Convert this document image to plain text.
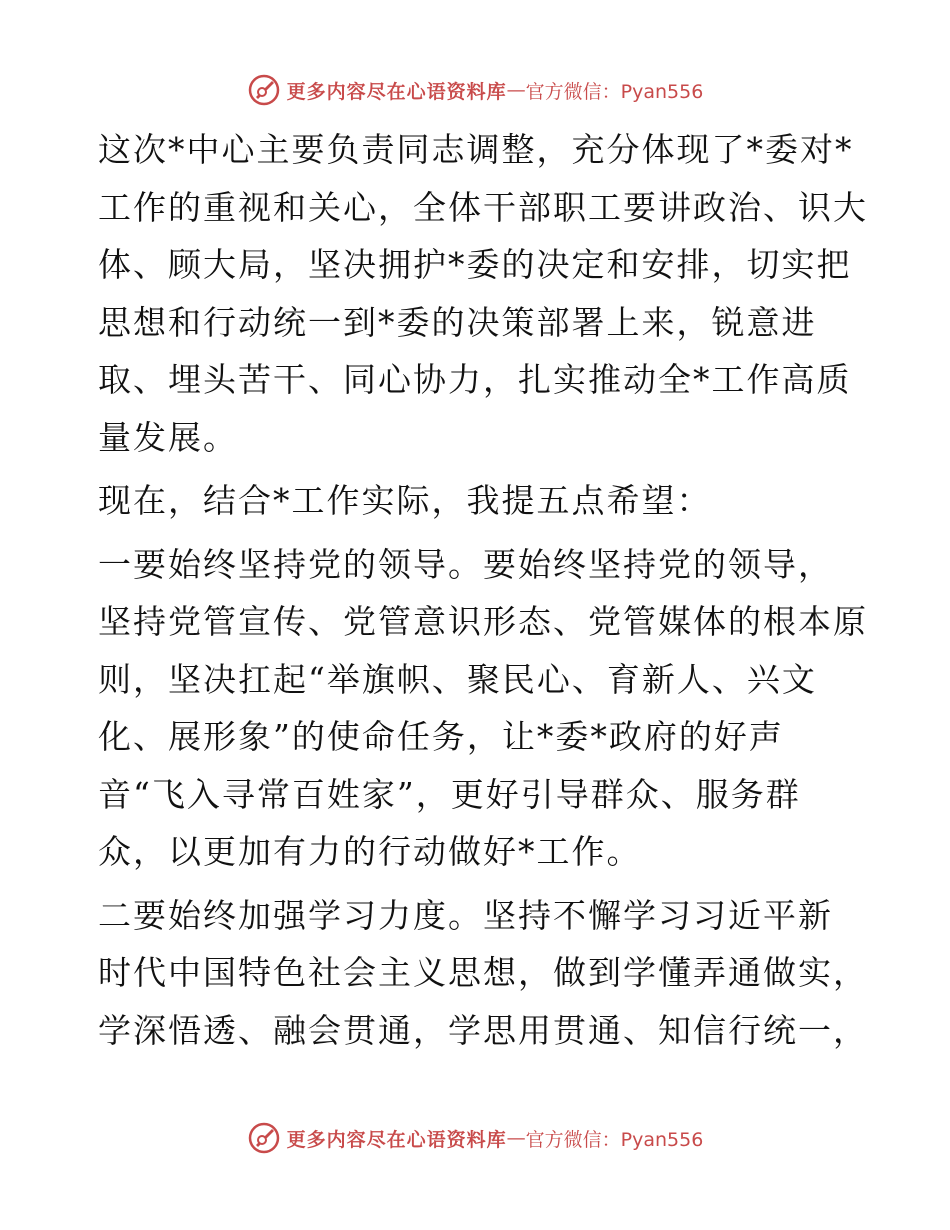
更多内容尽在心语资料库 — 官方微信：Pyan556

这次*中心主要负责同志调整，充分体现了*委对*
工作的重视和关心，全体干部职工要讲政治、识大
体、顾大局，坚决拥护*委的决定和安排，切实把
思想和行动统一到*委的决策部署上来，锐意进
取、埋头苦干、同心协力，扎实推动全*工作高质
量发展。

现在，结合*工作实际，我提五点希望：

一要始终坚持党的领导。要始终坚持党的领导，
坚持党管宣传、党管意识形态、党管媒体的根本原
则，坚决扛起“举旗帜、聚民心、育新人、兴文
化、展形象”的使命任务，让*委*政府的好声
音“飞入寻常百姓家”，更好引导群众、服务群
众，以更加有力的行动做好*工作。

二要始终加强学习力度。坚持不懈学习习近平新
时代中国特色社会主义思想，做到学懂弄通做实，
学深悟透、融会贯通，学思用贯通、知信行统一，

更多内容尽在心语资料库 — 官方微信：Pyan556
